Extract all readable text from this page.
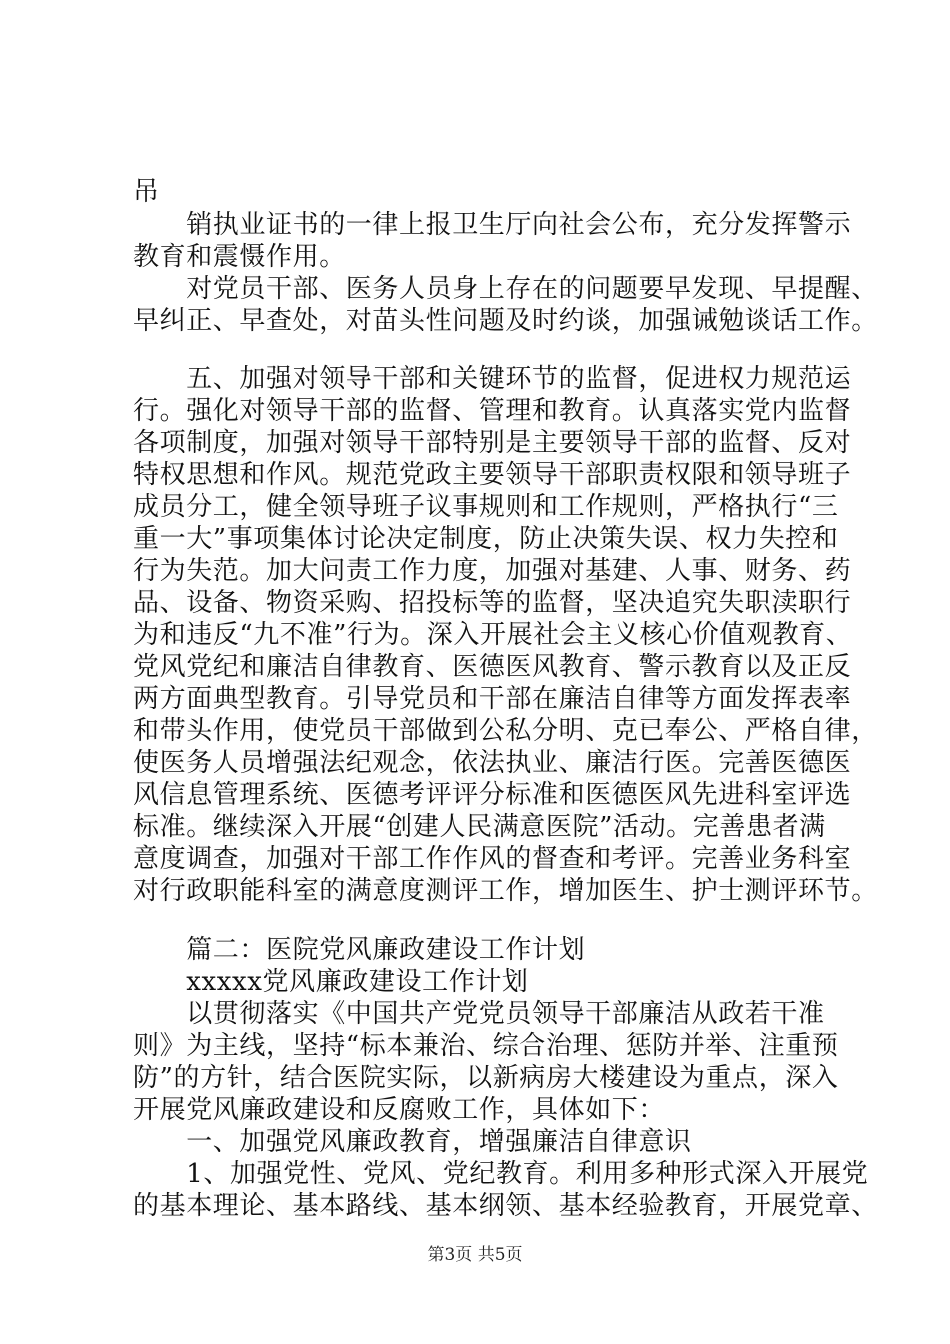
吊
　　销执业证书的一律上报卫生厅向社会公布，充分发挥警示
教育和震慑作用。
　　对党员干部、医务人员身上存在的问题要早发现、早提醒、
早纠正、早查处，对苗头性问题及时约谈，加强诫勉谈话工作。
　　五、加强对领导干部和关键环节的监督，促进权力规范运
行。强化对领导干部的监督、管理和教育。认真落实党内监督
各项制度，加强对领导干部特别是主要领导干部的监督、反对
特权思想和作风。规范党政主要领导干部职责权限和领导班子
成员分工，健全领导班子议事规则和工作规则，严格执行“三
重一大”事项集体讨论决定制度，防止决策失误、权力失控和
行为失范。加大问责工作力度，加强对基建、人事、财务、药
品、设备、物资采购、招投标等的监督，坚决追究失职渎职行
为和违反“九不准”行为。深入开展社会主义核心价值观教育、
党风党纪和廉洁自律教育、医德医风教育、警示教育以及正反
两方面典型教育。引导党员和干部在廉洁自律等方面发挥表率
和带头作用，使党员干部做到公私分明、克已奉公、严格自律，
使医务人员增强法纪观念，依法执业、廉洁行医。完善医德医
风信息管理系统、医德考评评分标准和医德医风先进科室评选
标准。继续深入开展“创建人民满意医院”活动。完善患者满
意度调查，加强对干部工作作风的督查和考评。完善业务科室
对行政职能科室的满意度测评工作，增加医生、护士测评环节。
　　篇二：医院党风廉政建设工作计划
　　xxxxx党风廉政建设工作计划
　　以贯彻落实《中国共产党党员领导干部廉洁从政若干准
则》为主线，坚持“标本兼治、综合治理、惩防并举、注重预
防”的方针，结合医院实际，以新病房大楼建设为重点，深入
开展党风廉政建设和反腐败工作，具体如下：
　　一、加强党风廉政教育，增强廉洁自律意识
　　1、加强党性、党风、党纪教育。利用多种形式深入开展党
的基本理论、基本路线、基本纲领、基本经验教育，开展党章、
第3页 共5页
